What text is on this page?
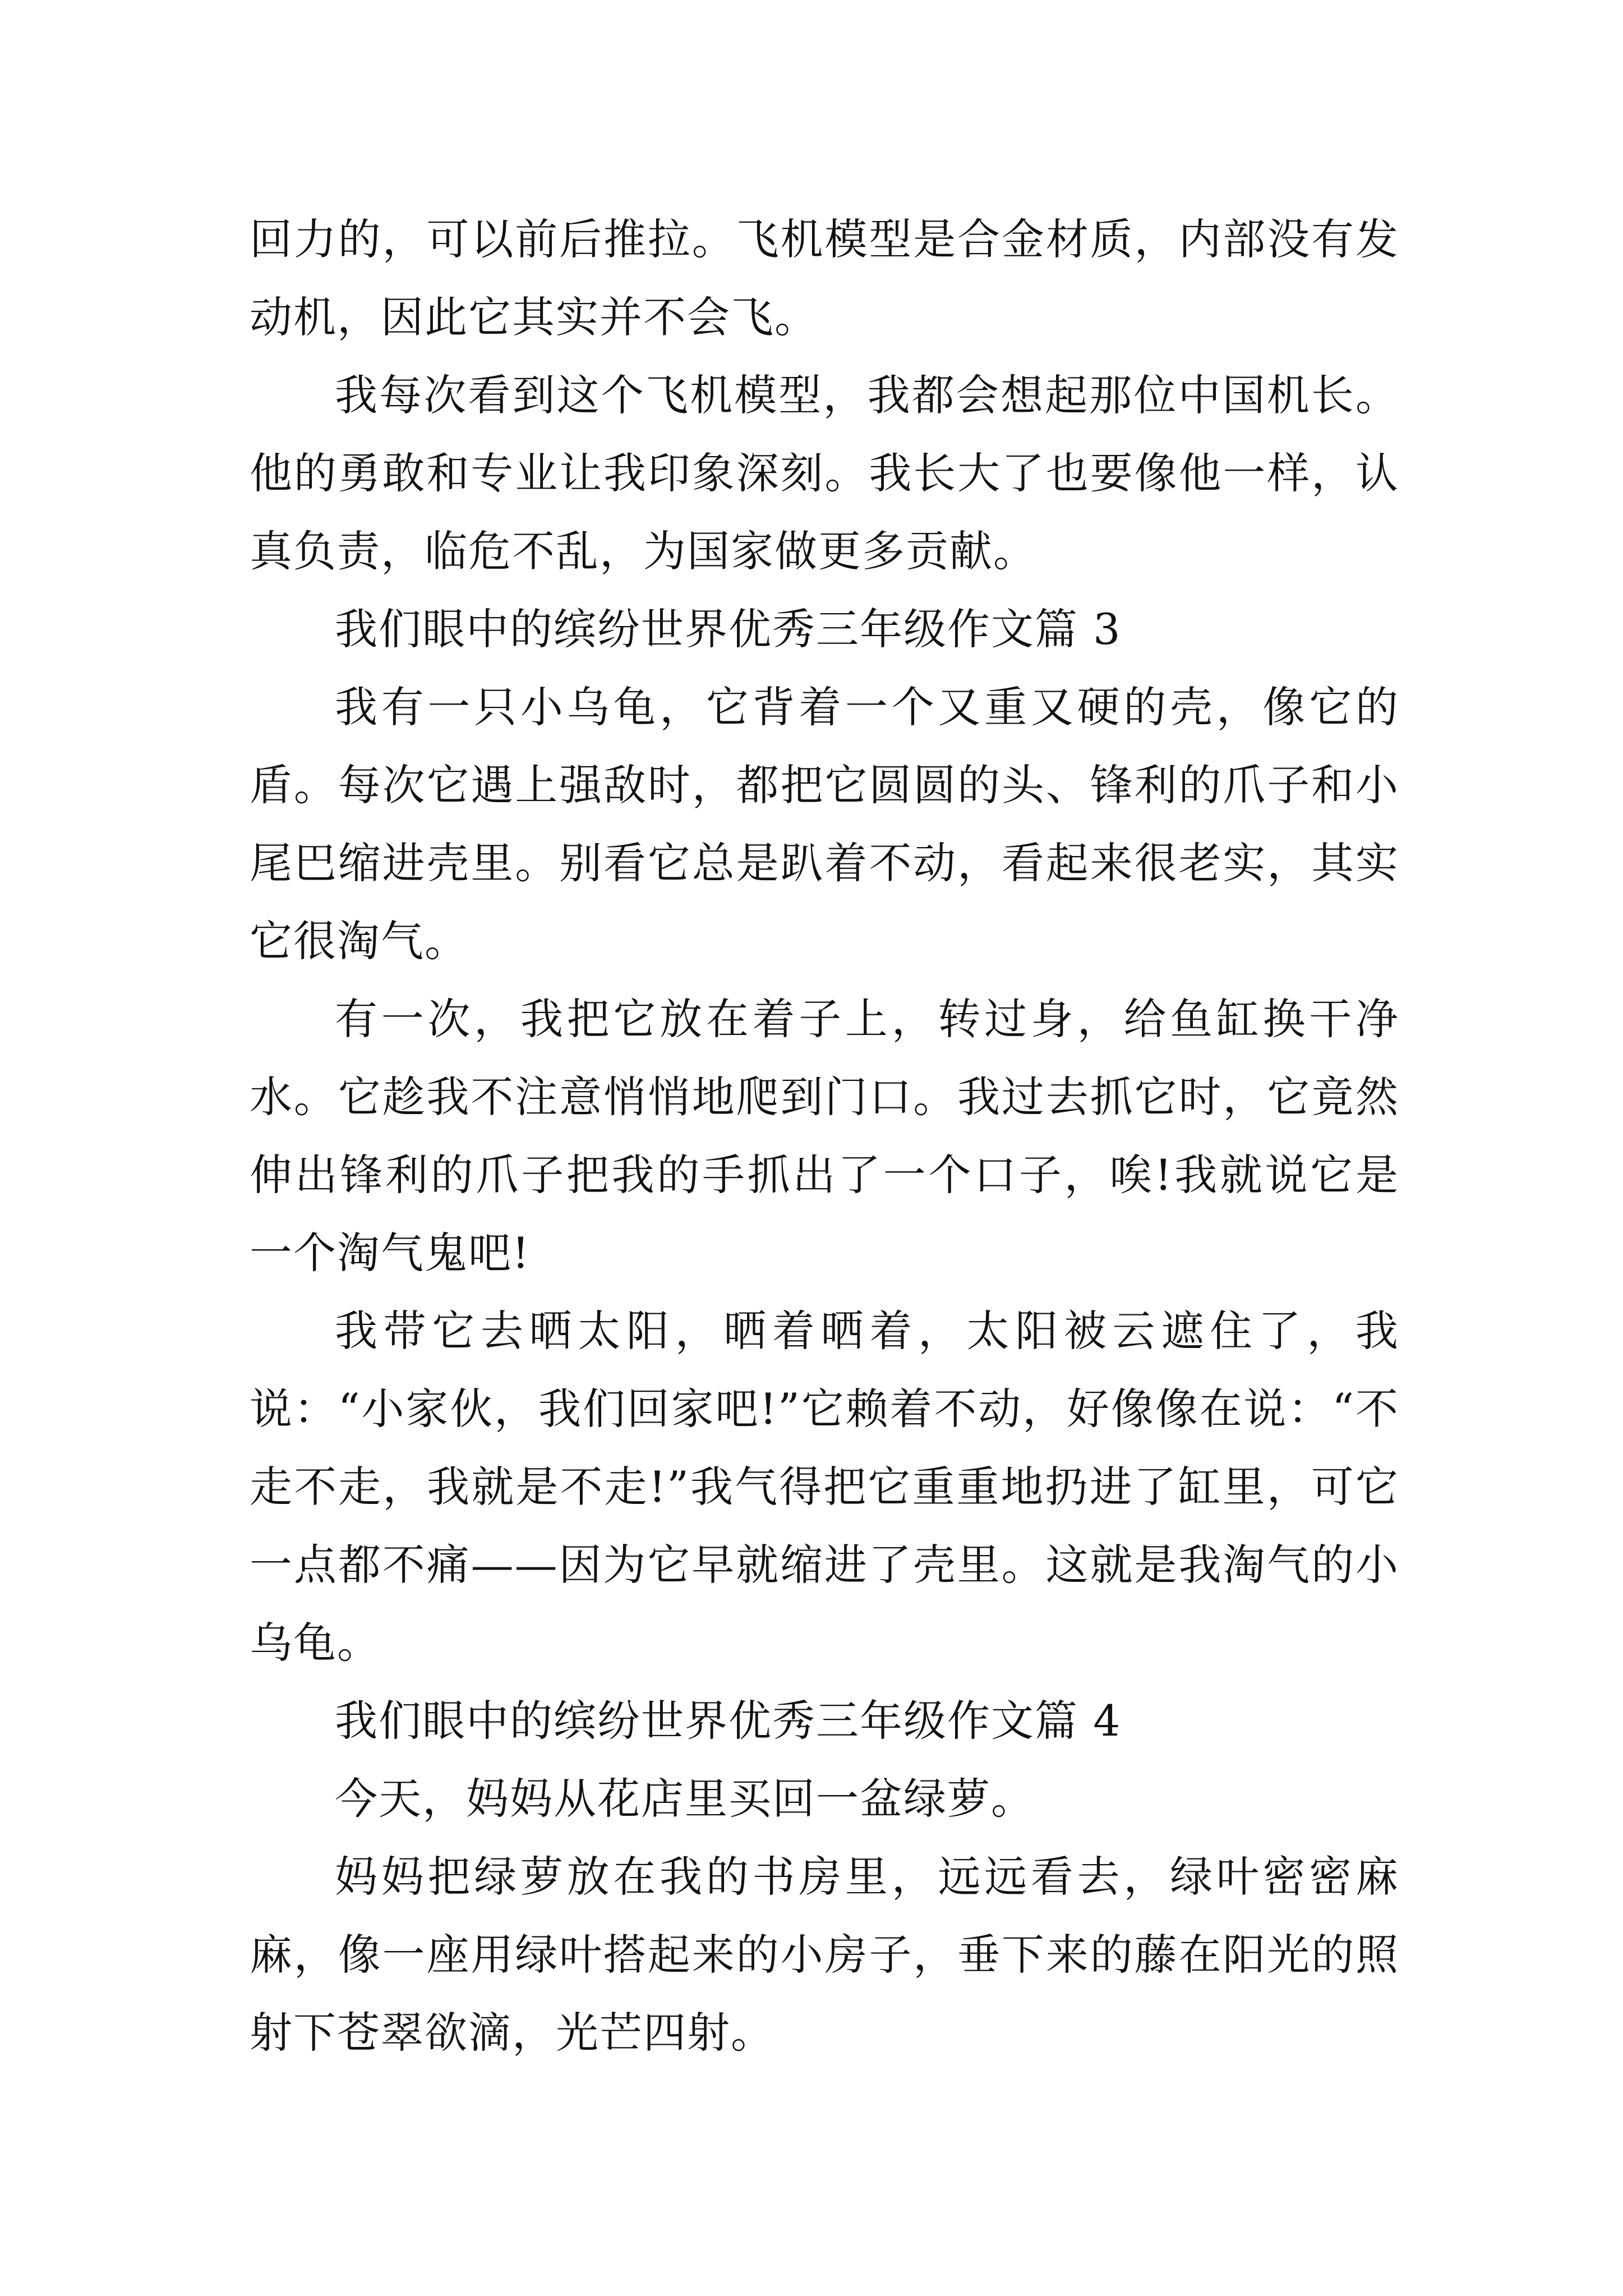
回力的，可以前后推拉。飞机模型是合金材质，内部没有发动机，因此它其实并不会飞。

我每次看到这个飞机模型，我都会想起那位中国机长。他的勇敢和专业让我印象深刻。我长大了也要像他一样，认真负责，临危不乱，为国家做更多贡献。

我们眼中的缤纷世界优秀三年级作文篇 3

我有一只小乌龟，它背着一个又重又硬的壳，像它的盾。每次它遇上强敌时，都把它圆圆的头、锋利的爪子和小尾巴缩进壳里。别看它总是趴着不动，看起来很老实，其实它很淘气。

有一次，我把它放在着子上，转过身，给鱼缸换干净水。它趁我不注意悄悄地爬到门口。我过去抓它时，它竟然伸出锋利的爪子把我的手抓出了一个口子，唉!我就说它是一个淘气鬼吧!

我带它去晒太阳，晒着晒着，太阳被云遮住了，我说：“小家伙，我们回家吧!”它赖着不动，好像像在说：“不走不走，我就是不走!”我气得把它重重地扔进了缸里，可它一点都不痛——因为它早就缩进了壳里。这就是我淘气的小乌龟。

我们眼中的缤纷世界优秀三年级作文篇 4

今天，妈妈从花店里买回一盆绿萝。

妈妈把绿萝放在我的书房里，远远看去，绿叶密密麻麻，像一座用绿叶搭起来的小房子，垂下来的藤在阳光的照射下苍翠欲滴，光芒四射。
